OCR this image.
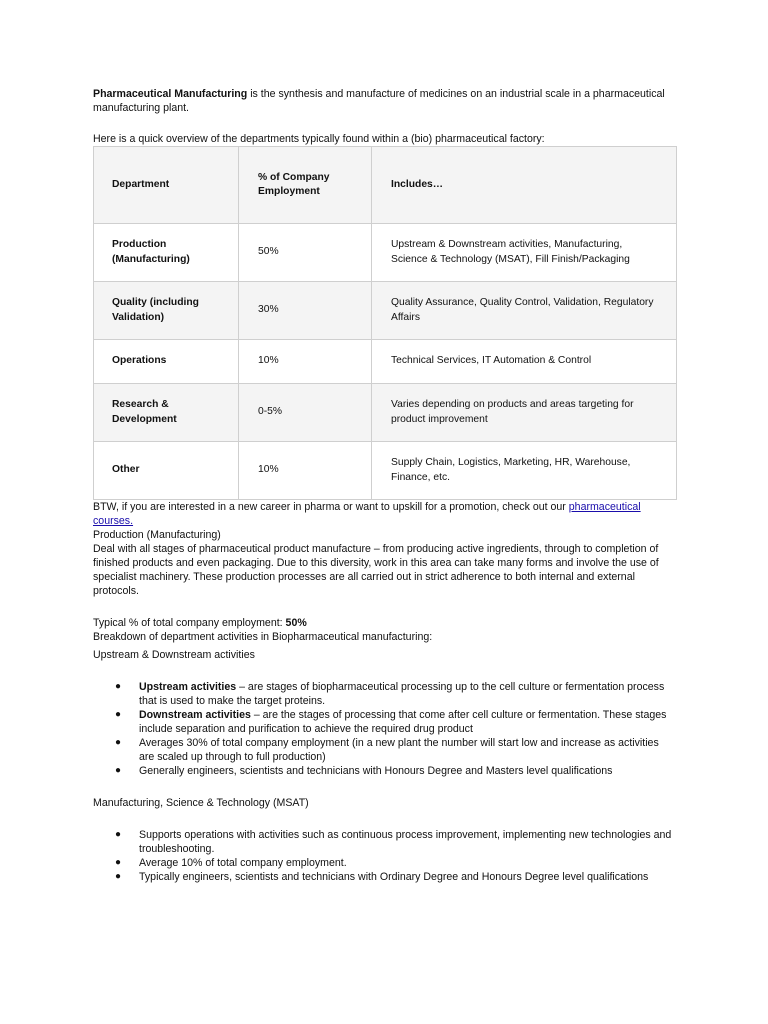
Pharmaceutical Manufacturing is the synthesis and manufacture of medicines on an industrial scale in a pharmaceutical manufacturing plant.

Here is a quick overview of the departments typically found within a (bio) pharmaceutical factory:

Department	% of Company Employment	Includes…
Production (Manufacturing)	50%	Upstream & Downstream activities, Manufacturing, Science & Technology (MSAT), Fill Finish/Packaging
Quality (including Validation)	30%	Quality Assurance, Quality Control, Validation, Regulatory Affairs
Operations	10%	Technical Services, IT Automation & Control
Research & Development	0-5%	Varies depending on products and areas targeting for product improvement
Other	10%	Supply Chain, Logistics, Marketing, HR, Warehouse, Finance, etc.

BTW, if you are interested in a new career in pharma or want to upskill for a promotion, check out our pharmaceutical courses.

Production (Manufacturing)

Deal with all stages of pharmaceutical product manufacture – from producing active ingredients, through to completion of finished products and even packaging. Due to this diversity, work in this area can take many forms and involve the use of specialist machinery. These production processes are all carried out in strict adherence to both internal and external protocols.

Typical % of total company employment: 50%

Breakdown of department activities in Biopharmaceutical manufacturing:

Upstream & Downstream activities

● Upstream activities – are stages of biopharmaceutical processing up to the cell culture or fermentation process that is used to make the target proteins.
● Downstream activities – are the stages of processing that come after cell culture or fermentation. These stages include separation and purification to achieve the required drug product
● Averages 30% of total company employment (in a new plant the number will start low and increase as activities are scaled up through to full production)
● Generally engineers, scientists and technicians with Honours Degree and Masters level qualifications

Manufacturing, Science & Technology (MSAT)

● Supports operations with activities such as continuous process improvement, implementing new technologies and troubleshooting.
● Average 10% of total company employment.
● Typically engineers, scientists and technicians with Ordinary Degree and Honours Degree level qualifications
